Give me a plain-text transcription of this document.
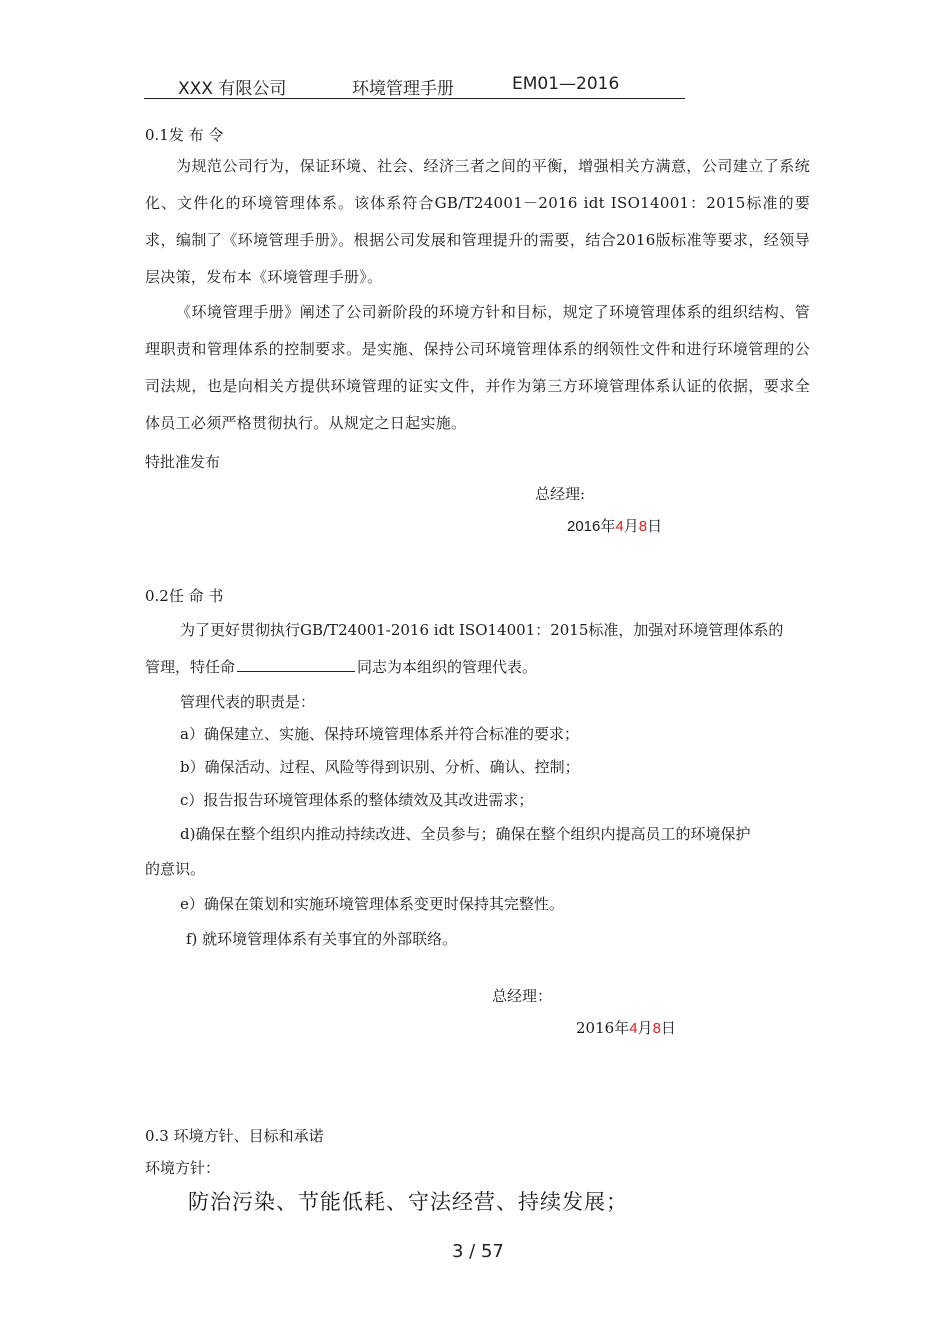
XXX 有限公司	环境管理手册	EM01—2016
0.1发 布 令
为规范公司行为，保证环境、社会、经济三者之间的平衡，增强相关方满意，公司建立了系统化、文件化的环境管理体系。该体系符合GB/T24001－2016 idt ISO14001：2015标准的要求，编制了《环境管理手册》。根据公司发展和管理提升的需要，结合2016版标准等要求，经领导层决策，发布本《环境管理手册》。
《环境管理手册》阐述了公司新阶段的环境方针和目标，规定了环境管理体系的组织结构、管理职责和管理体系的控制要求。是实施、保持公司环境管理体系的纲领性文件和进行环境管理的公司法规，也是向相关方提供环境管理的证实文件，并作为第三方环境管理体系认证的依据，要求全体员工必须严格贯彻执行。从规定之日起实施。
特批准发布
总经理:
2016年4月8日
0.2任 命 书
为了更好贯彻执行GB/T24001-2016 idt ISO14001：2015标准，加强对环境管理体系的
管理，特任命	同志为本组织的管理代表。
管理代表的职责是：
a）确保建立、实施、保持环境管理体系并符合标准的要求；
b）确保活动、过程、风险等得到识别、分析、确认、控制；
c）报告报告环境管理体系的整体绩效及其改进需求；
d)确保在整个组织内推动持续改进、全员参与；确保在整个组织内提高员工的环境保护
的意识。
e）确保在策划和实施环境管理体系变更时保持其完整性。
f) 就环境管理体系有关事宜的外部联络。
总经理：
2016年4月8日
0.3 环境方针、目标和承诺
环境方针：
防治污染、节能低耗、守法经营、持续发展；
3 / 57
